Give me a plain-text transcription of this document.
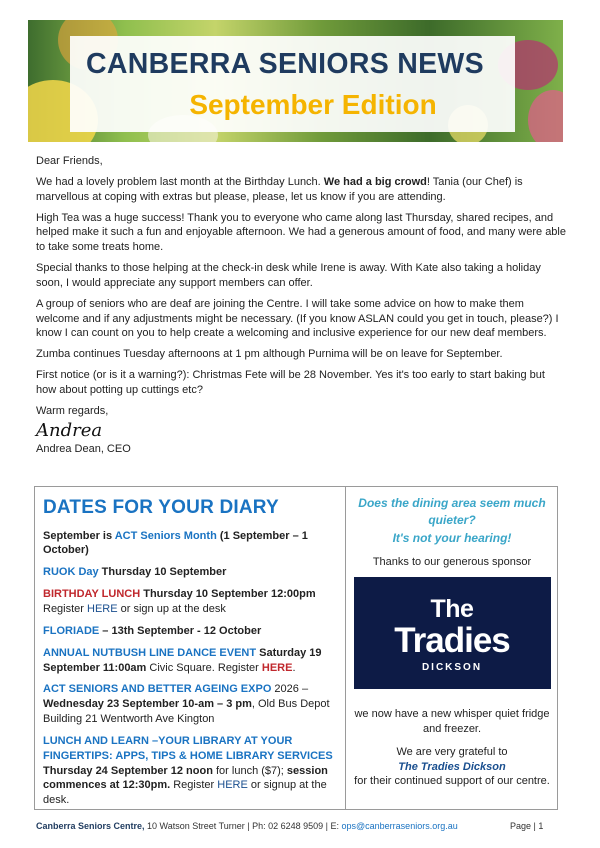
CANBERRA SENIORS NEWS
September Edition

Dear Friends,

We had a lovely problem last month at the Birthday Lunch. We had a big crowd! Tania (our Chef) is marvellous at coping with extras but please, please, let us know if you are attending.

High Tea was a huge success! Thank you to everyone who came along last Thursday, shared recipes, and helped make it such a fun and enjoyable afternoon. We had a generous amount of food, and many were able to take some treats home.

Special thanks to those helping at the check-in desk while Irene is away. With Kate also taking a holiday soon, I would appreciate any support members can offer.

A group of seniors who are deaf are joining the Centre. I will take some advice on how to make them welcome and if any adjustments might be necessary. (If you know ASLAN could you get in touch, please?) I know I can count on you to help create a welcoming and inclusive experience for our new deaf members.

Zumba continues Tuesday afternoons at 1 pm although Purnima will be on leave for September.

First notice (or is it a warning?): Christmas Fete will be 28 November. Yes it's too early to start baking but how about potting up cuttings etc?

Warm regards,

Andrea

Andrea Dean, CEO

DATES FOR YOUR DIARY
September is ACT Seniors Month (1 September – 1 October)
RUOK Day Thursday 10 September
BIRTHDAY LUNCH Thursday 10 September 12:00pm
Register HERE or sign up at the desk
FLORIADE – 13th September - 12 October
ANNUAL NUTBUSH LINE DANCE EVENT Saturday 19 September 11:00am Civic Square. Register HERE.
ACT SENIORS AND BETTER AGEING EXPO 2026 – Wednesday 23 September 10-am – 3 pm, Old Bus Depot Building 21 Wentworth Ave Kington
LUNCH AND LEARN –YOUR LIBRARY AT YOUR FINGERTIPS: APPS, TIPS & HOME LIBRARY SERVICES
Thursday 24 September 12 noon for lunch ($7); session commences at 12:30pm. Register HERE or signup at the desk.
Does the dining area seem much quieter?
It's not your hearing!
Thanks to our generous sponsor
The
Tradies
DICKSON
we now have a new whisper quiet fridge and freezer.
We are very grateful to
The Tradies Dickson
for their continued support of our centre.
Canberra Seniors Centre, 10 Watson Street Turner | Ph: 02 6248 9509 | E: ops@canberraseniors.org.au	Page | 1
